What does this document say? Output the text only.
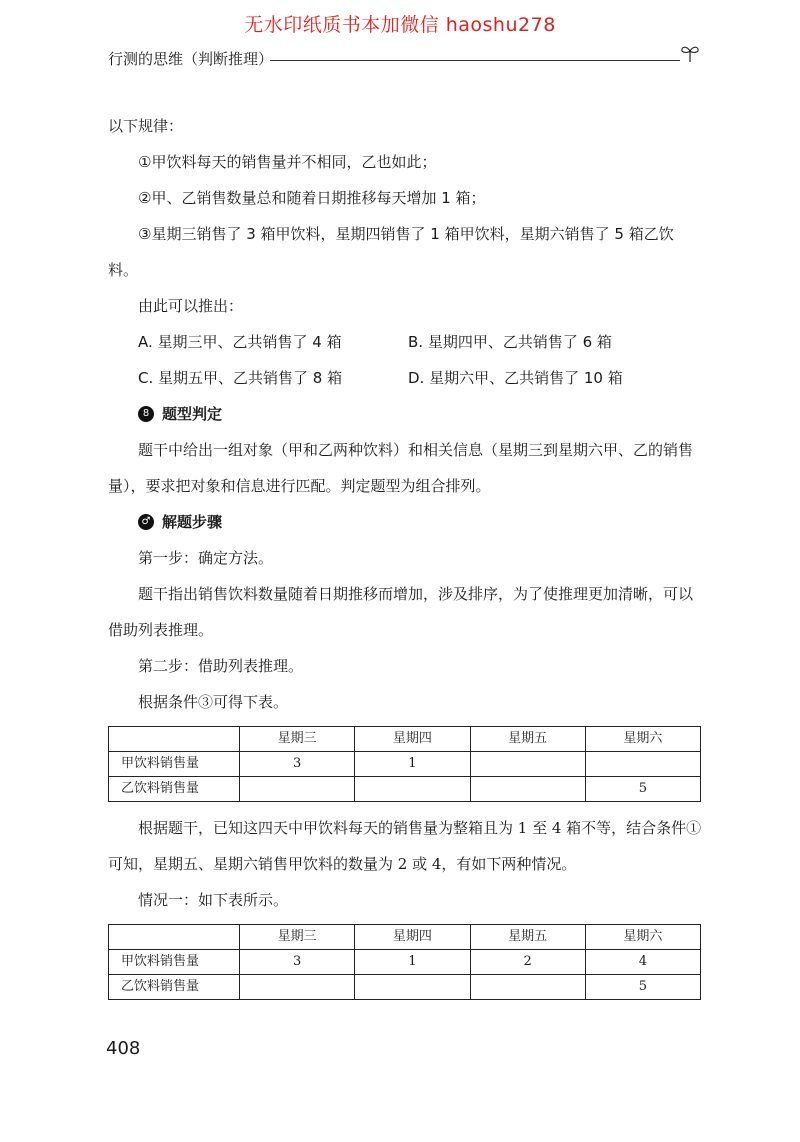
无水印纸质书本加微信 haoshu278
行测的思维（判断推理）

以下规律：

①甲饮料每天的销售量并不相同，乙也如此；

②甲、乙销售数量总和随着日期推移每天增加 1 箱；

③星期三销售了 3 箱甲饮料，星期四销售了 1 箱甲饮料，星期六销售了 5 箱乙饮料。

由此可以推出：

A. 星期三甲、乙共销售了 4 箱	B. 星期四甲、乙共销售了 6 箱
C. 星期五甲、乙共销售了 8 箱	D. 星期六甲、乙共销售了 10 箱
8 题型判定

题干中给出一组对象（甲和乙两种饮料）和相关信息（星期三到星期六甲、乙的销售量），要求把对象和信息进行匹配。判定题型为组合排列。

♂ 解题步骤

第一步：确定方法。

题干指出销售饮料数量随着日期推移而增加，涉及排序，为了使推理更加清晰，可以借助列表推理。

第二步：借助列表推理。

根据条件③可得下表。

	星期三	星期四	星期五	星期六
甲饮料销售量	3	1		
乙饮料销售量				5

根据题干，已知这四天中甲饮料每天的销售量为整箱且为 1 至 4 箱不等，结合条件①可知，星期五、星期六销售甲饮料的数量为 2 或 4，有如下两种情况。

情况一：如下表所示。

	星期三	星期四	星期五	星期六
甲饮料销售量	3	1	2	4
乙饮料销售量				5
408
